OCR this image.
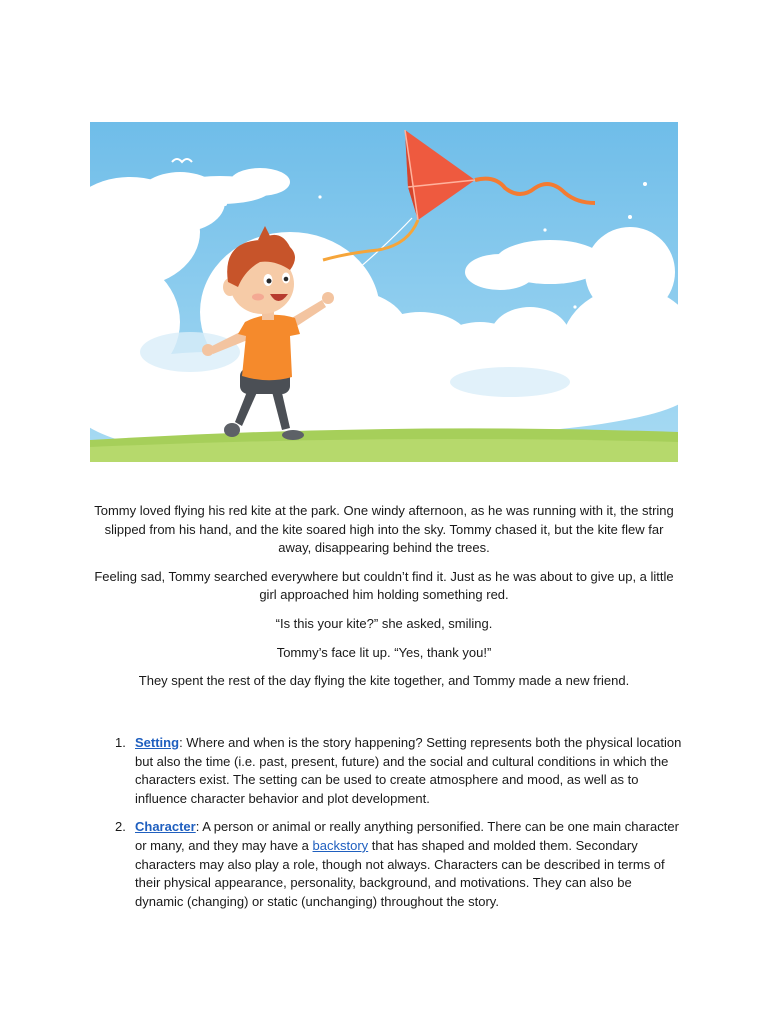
Tommy loved flying his red kite at the park. One windy afternoon, as he was running with it, the string slipped from his hand, and the kite soared high into the sky. Tommy chased it, but the kite flew far away, disappearing behind the trees.

Feeling sad, Tommy searched everywhere but couldn’t find it. Just as he was about to give up, a little girl approached him holding something red.

“Is this your kite?” she asked, smiling.

Tommy’s face lit up. “Yes, thank you!”

They spent the rest of the day flying the kite together, and Tommy made a new friend.

1. Setting: Where and when is the story happening? Setting represents both the physical location but also the time (i.e. past, present, future) and the social and cultural conditions in which the characters exist. The setting can be used to create atmosphere and mood, as well as to influence character behavior and plot development.
2. Character: A person or animal or really anything personified. There can be one main character or many, and they may have a backstory that has shaped and molded them. Secondary characters may also play a role, though not always. Characters can be described in terms of their physical appearance, personality, background, and motivations. They can also be dynamic (changing) or static (unchanging) throughout the story.
